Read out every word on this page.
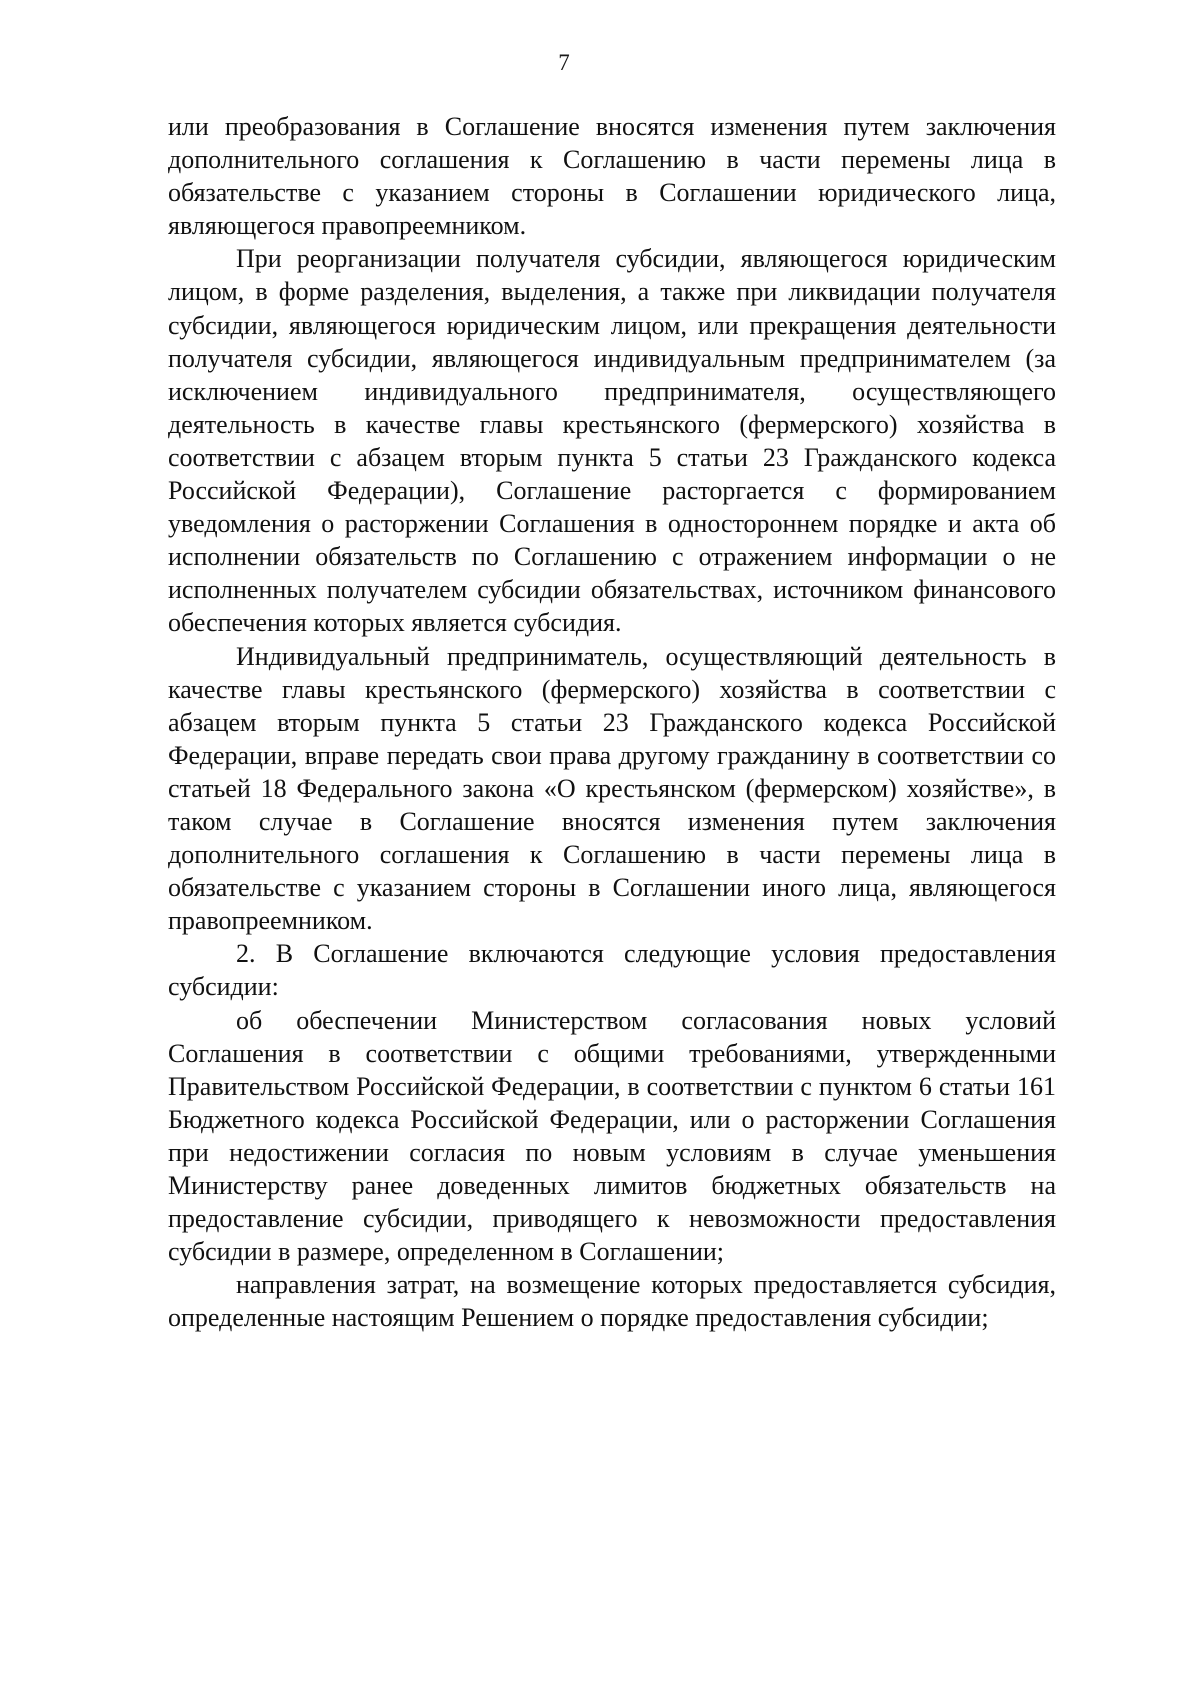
7

или преобразования в Соглашение вносятся изменения путем заключения дополнительного соглашения к Соглашению в части перемены лица в обязательстве с указанием стороны в Соглашении юридического лица, являющегося правопреемником.

При реорганизации получателя субсидии, являющегося юридическим лицом, в форме разделения, выделения, а также при ликвидации получателя субсидии, являющегося юридическим лицом, или прекращения деятельности получателя субсидии, являющегося индивидуальным предпринимателем (за исключением индивидуального предпринимателя, осуществляющего деятельность в качестве главы крестьянского (фермерского) хозяйства в соответствии с абзацем вторым пункта 5 статьи 23 Гражданского кодекса Российской Федерации), Соглашение расторгается с формированием уведомления о расторжении Соглашения в одностороннем порядке и акта об исполнении обязательств по Соглашению с отражением информации о не исполненных получателем субсидии обязательствах, источником финансового обеспечения которых является субсидия.

Индивидуальный предприниматель, осуществляющий деятельность в качестве главы крестьянского (фермерского) хозяйства в соответствии с абзацем вторым пункта 5 статьи 23 Гражданского кодекса Российской Федерации, вправе передать свои права другому гражданину в соответствии со статьей 18 Федерального закона «О крестьянском (фермерском) хозяйстве», в таком случае в Соглашение вносятся изменения путем заключения дополнительного соглашения к Соглашению в части перемены лица в обязательстве с указанием стороны в Соглашении иного лица, являющегося правопреемником.

2. В Соглашение включаются следующие условия предоставления субсидии:

об обеспечении Министерством согласования новых условий Соглашения в соответствии с общими требованиями, утвержденными Правительством Российской Федерации, в соответствии с пунктом 6 статьи 161 Бюджетного кодекса Российской Федерации, или о расторжении Соглашения при недостижении согласия по новым условиям в случае уменьшения Министерству ранее доведенных лимитов бюджетных обязательств на предоставление субсидии, приводящего к невозможности предоставления субсидии в размере, определенном в Соглашении;

направления затрат, на возмещение которых предоставляется субсидия, определенные настоящим Решением о порядке предоставления субсидии;
